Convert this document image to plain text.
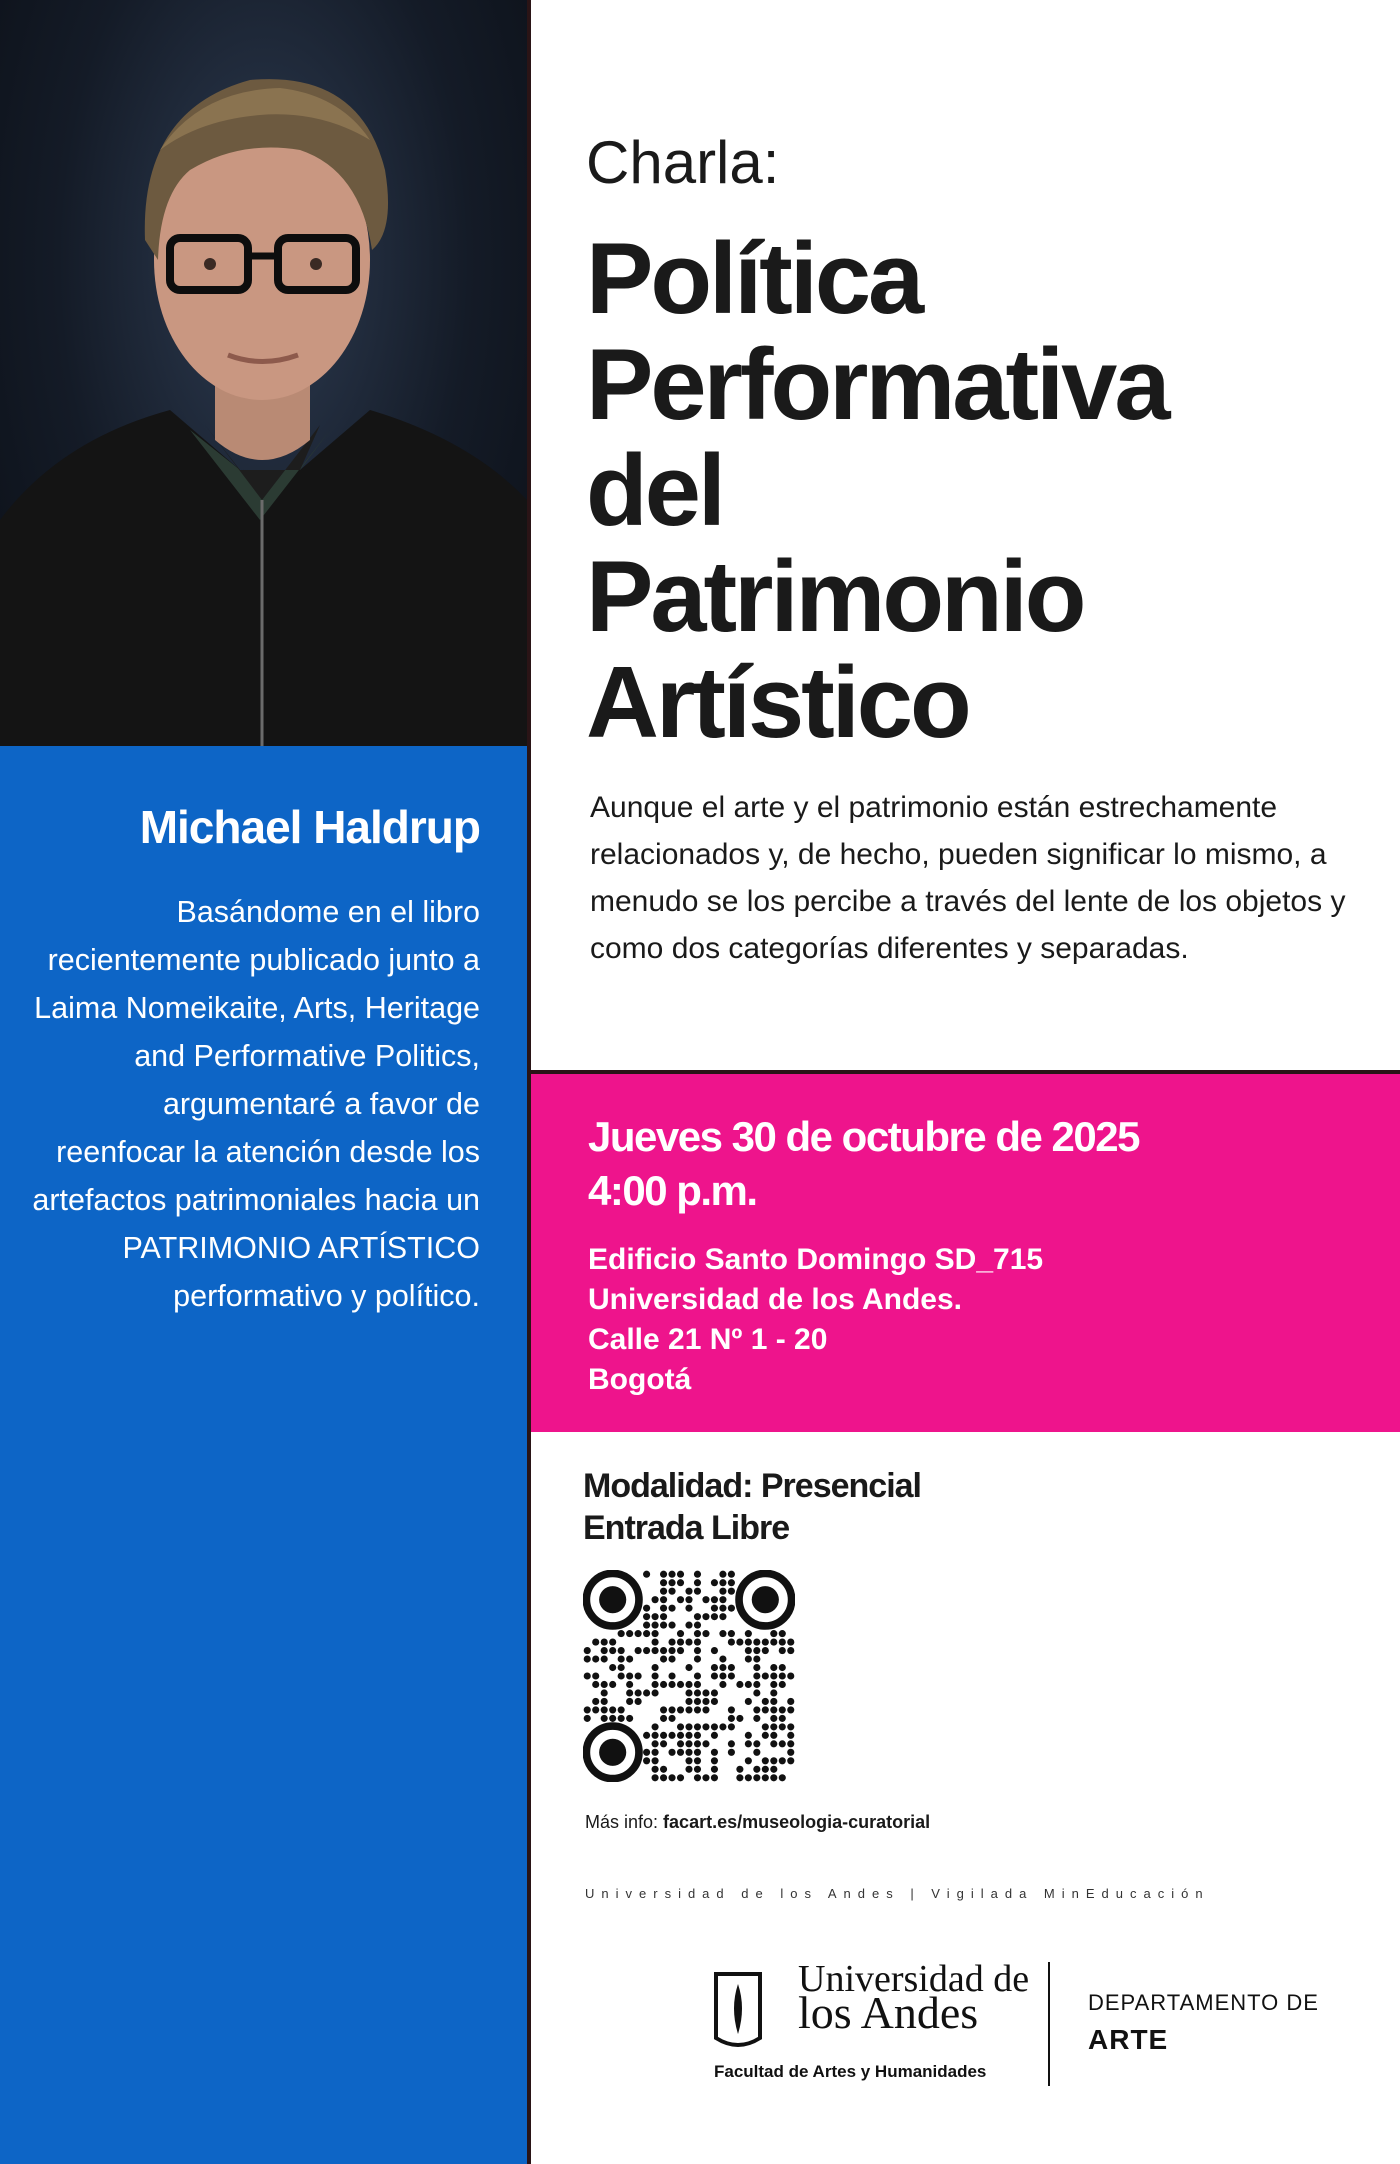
Michael Haldrup
Basándome en el libro recientemente publicado junto a Laima Nomeikaite, Arts, Heritage and Performative Politics, argumentaré a favor de reenfocar la atención desde los artefactos patrimoniales hacia un PATRIMONIO ARTÍSTICO performativo y político.
Charla:
Política
Performativa
del
Patrimonio
Artístico
Aunque el arte y el patrimonio están estrechamente relacionados y, de hecho, pueden significar lo mismo, a menudo se los percibe a través del lente de los objetos y como dos categorías diferentes y separadas.
Jueves 30 de octubre de 2025
4:00 p.m.
Edificio Santo Domingo SD_715
Universidad de los Andes.
Calle 21 Nº 1 - 20
Bogotá
Modalidad: Presencial
Entrada Libre
Más info: facart.es/museologia-curatorial
Universidad de los Andes | Vigilada MinEducación
Universidad de
los Andes
Facultad de Artes y Humanidades
DEPARTAMENTO DE
ARTE
